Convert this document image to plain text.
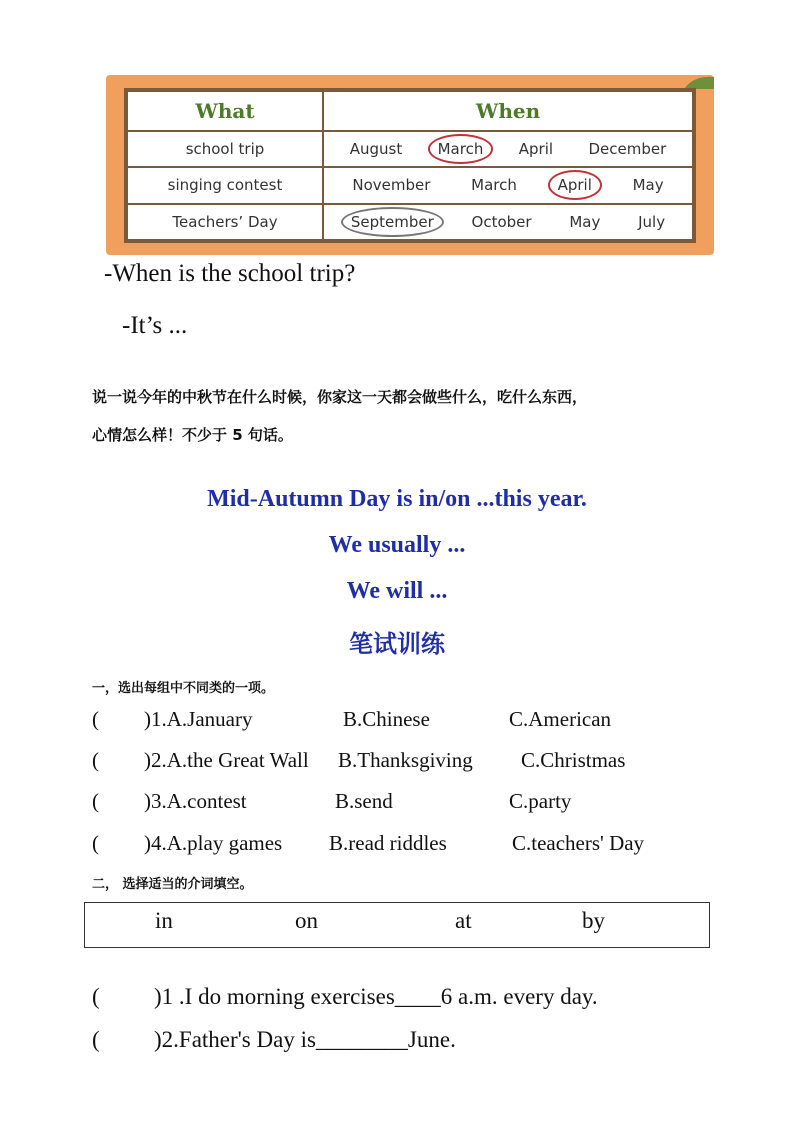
What	When
school trip	August March April December

singing contest	November March April May

Teachers’ Day	September October May July
-When is the school trip?
-It’s ...
说一说今年的中秋节在什么时候，你家这一天都会做些什么，吃什么东西，
心情怎么样！不少于 5 句话。
Mid-Autumn Day is in/on ...this year.
We usually ...
We will ...
笔试训练
一，选出每组中不同类的一项。
( )1.A.January	B.Chinese	C.American
( )2.A.the Great Wall B.Thanksgiving C.Christmas
( )3.A.contest	B.send	C.party
( )4.A.play games B.read riddles	C.teachers' Day
二， 选择适当的介词填空。
in	on	at	by
( )1 .I do morning exercises____6 a.m. every day.
( )2.Father's Day is________June.
